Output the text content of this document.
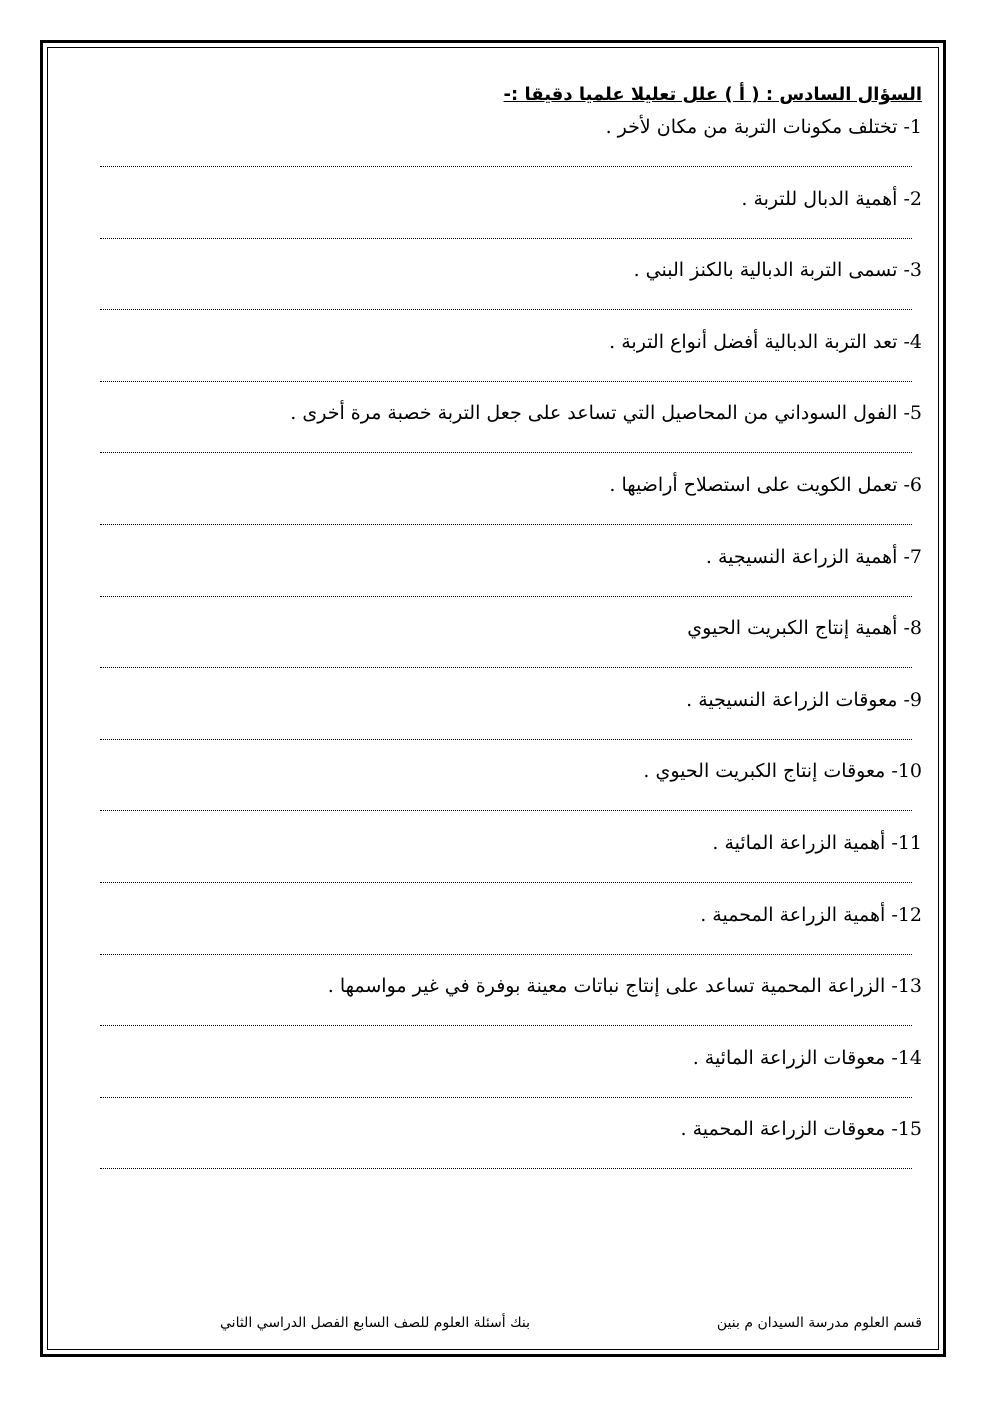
السؤال السادس : ( أ ) علل تعليلا علميا دقيقا :-
1- تختلف مكونات التربة من مكان لأخر .
2- أهمية الدبال للتربة .
3- تسمى التربة الدبالية بالكنز البني .
4- تعد التربة الدبالية أفضل أنواع التربة .
5- الفول السوداني من المحاصيل التي تساعد على جعل التربة خصبة مرة أخرى .
6- تعمل الكويت على استصلاح أراضيها .
7- أهمية الزراعة النسيجية .
8- أهمية إنتاج الكبريت الحيوي
9- معوقات الزراعة النسيجية .
10- معوقات إنتاج الكبريت الحيوي .
11- أهمية الزراعة المائية .
12- أهمية الزراعة المحمية .
13- الزراعة المحمية تساعد على إنتاج نباتات معينة بوفرة في غير مواسمها .
14- معوقات الزراعة المائية .
15- معوقات الزراعة المحمية .
قسم العلوم مدرسة السيدان م بنين
بنك أسئلة العلوم للصف السابع الفصل الدراسي الثاني
